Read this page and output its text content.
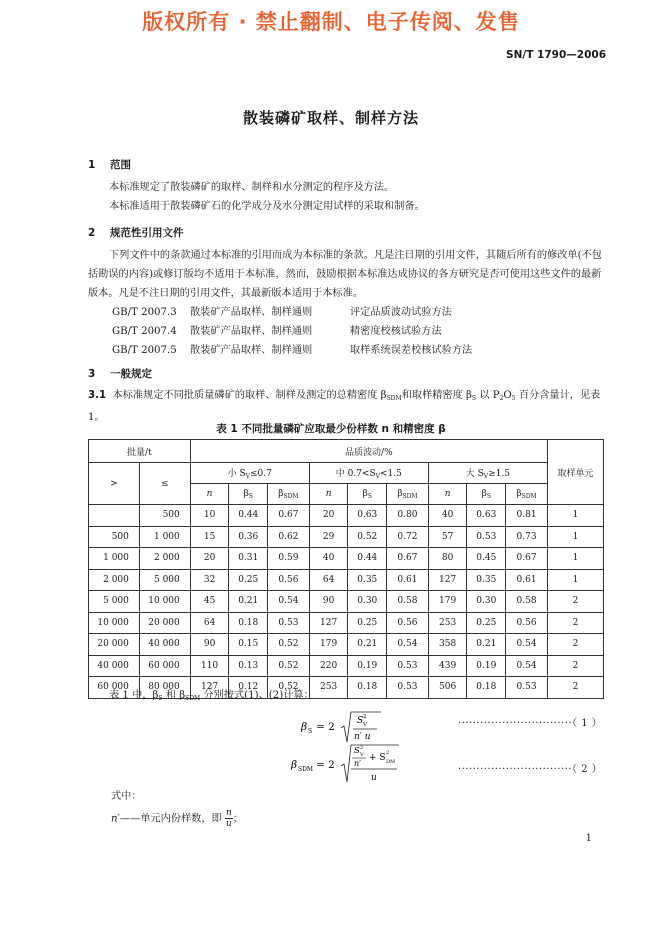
版权所有 · 禁止翻制、电子传阅、发售
SN/T 1790—2006
散装磷矿取样、制样方法
1 范围
本标准规定了散装磷矿的取样、制样和水分测定的程序及方法。
本标准适用于散装磷矿石的化学成分及水分测定用试样的采取和制备。
2 规范性引用文件
下列文件中的条款通过本标准的引用而成为本标准的条款。凡是注日期的引用文件，其随后所有的修改单(不包括勘误的内容)或修订版均不适用于本标准，然而，鼓励根据本标准达成协议的各方研究是否可使用这些文件的最新版本。凡是不注日期的引用文件，其最新版本适用于本标准。
GB/T 2007.3 散装矿产品取样、制样通则	评定品质波动试验方法
GB/T 2007.4 散装矿产品取样、制样通则	精密度校核试验方法
GB/T 2007.5 散装矿产品取样、制样通则	取样系统误差校核试验方法
3 一般规定
3.1 本标准规定不同批质量磷矿的取样、制样及测定的总精密度 $\beta_{SDM}$和取样精密度 $\beta_S$ 以 $P_2O_5$ 百分含量计，见表 1。
表 1 不同批量磷矿应取最少份样数 n 和精密度 β
批量/t		品质波动/%									取样单元
>	≤	小 $S_V\le 0.7$			中 $0.7<S_V<1.5$			大 $S_V\ge 1.5$			
		n	$\beta_S$	$\beta_{SDM}$	n	$\beta_S$	$\beta_{SDM}$	n	$\beta_S$	$\beta_{SDM}$
	500	10	0.44	0.67	20	0.63	0.80	40	0.63	0.81	1
500	1 000	15	0.36	0.62	29	0.52	0.72	57	0.53	0.73	1
1 000	2 000	20	0.31	0.59	40	0.44	0.67	80	0.45	0.67	1
2 000	5 000	32	0.25	0.56	64	0.35	0.61	127	0.35	0.61	1
5 000	10 000	45	0.21	0.54	90	0.30	0.58	179	0.30	0.58	2
10 000	20 000	64	0.18	0.53	127	0.25	0.56	253	0.25	0.56	2
20 000	40 000	90	0.15	0.52	179	0.21	0.54	358	0.21	0.54	2
40 000	60 000	110	0.13	0.52	220	0.19	0.53	439	0.19	0.54	2
60 000	80 000	127	0.12	0.52	253	0.18	0.53	506	0.18	0.53	2
表 1 中，$\beta_S$ 和 $\beta_{SDM}$ 分别按式(1)、(2)计算：
β S = 2 S V
2
n′ u
·······························（ 1 ）
β SDM = 2
S V
2
n′
+ S DM
2
u
·······························（ 2 ）
式中：
n′——单元内份样数，即 $\frac{n}{u}$ ；
1
